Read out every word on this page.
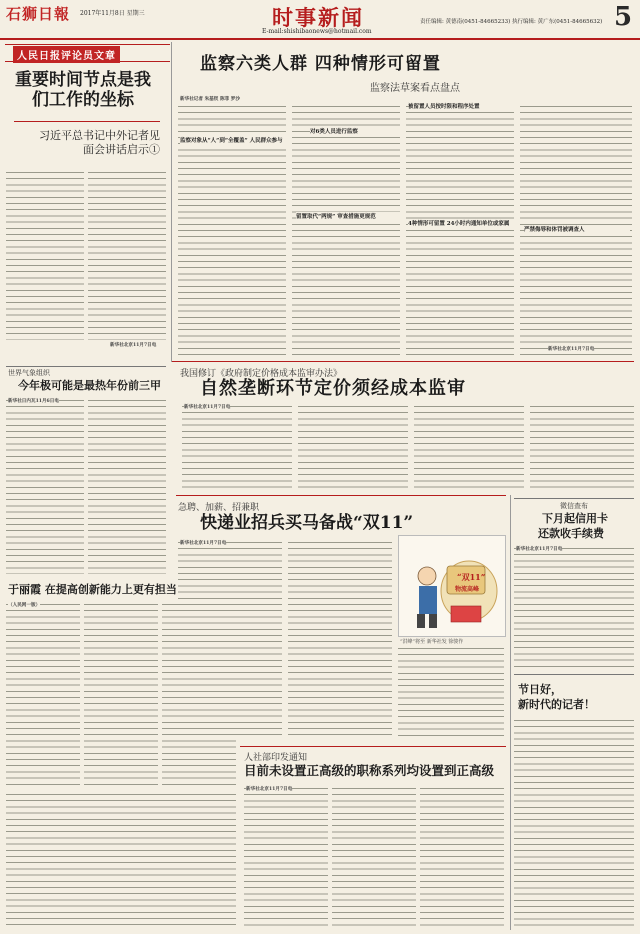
石狮日報 2017年11月8日 星期三	时事新闻
E-mail:shishibaonews@hotmail.com
责任编辑: 黄德南(0451-84665233) 执行编辑: 黄广东(0451-84665632) 5
人民日报评论员文章
重要时间节点是我们工作的坐标
习近平总书记中外记者见面会讲话启示①
新华社北京11月7日电
监察六类人群 四种情形可留置
监察法草案看点盘点
新华社记者 朱基钗 陈菲 罗沙
监察对象从“人”到“全覆盖” 人民群众参与
对6类人员进行监察
留置取代“两规” 审查措施更规范
被留置人员按时限和程序处置
4种情形可留置 24小时内通知单位或家属
严禁侮辱和体罚被调查人
新华社北京11月7日电
我国修订《政府制定价格成本监审办法》
自然垄断环节定价须经成本监审
新华社北京11月7日电
世界气象组织
今年极可能是最热年份前三甲
新华社日内瓦11月6日电
于丽霞 在提高创新能力上更有担当
（人民网一版）
急聘、加薪、招兼职
快递业招兵买马备战“双11”
新华社北京11月7日电
“双11”
物流高峰
“洪峰”将至 新华社发 徐骏作
人社部印发通知
目前未设置正高级的职称系列均设置到正高级
新华社北京11月7日电
微信查布
下月起信用卡
还款收手续费
新华社北京11月7日电
节日好，
新时代的记者！
